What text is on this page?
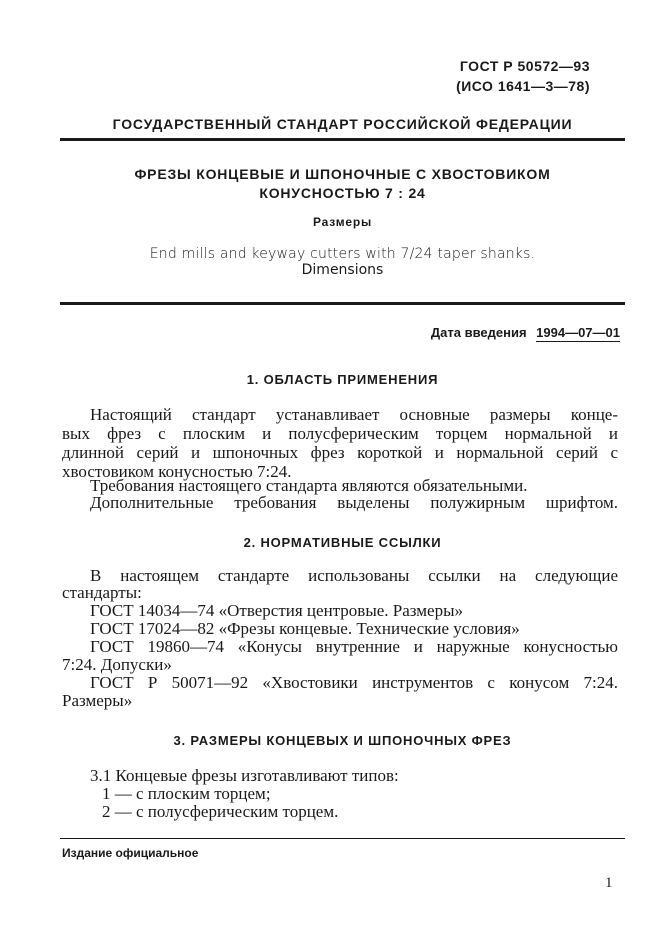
ГОСТ Р 50572—93
(ИСО 1641—3—78)
ГОСУДАРСТВЕННЫЙ СТАНДАРТ РОССИЙСКОЙ ФЕДЕРАЦИИ
ФРЕЗЫ КОНЦЕВЫЕ И ШПОНОЧНЫЕ С ХВОСТОВИКОМ
КОНУСНОСТЬЮ 7 : 24
Размеры
End mills and keyway cutters with 7/24 taper shanks.
Dimensions
Дата введения 1994—07—01
1. ОБЛАСТЬ ПРИМЕНЕНИЯ
Настоящий стандарт устанавливает основные размеры конце-
вых фрез с плоским и полусферическим торцем нормальной и
длинной серий и шпоночных фрез короткой и нормальной серий с
хвостовиком конусностью 7:24.
Требования настоящего стандарта являются обязательными.
Дополнительные требования выделены полужирным шрифтом.
2. НОРМАТИВНЫЕ ССЫЛКИ
В настоящем стандарте использованы ссылки на следующие
стандарты:
ГОСТ 14034—74 «Отверстия центровые. Размеры»
ГОСТ 17024—82 «Фрезы концевые. Технические условия»
ГОСТ 19860—74 «Конусы внутренние и наружные конусностью
7:24. Допуски»
ГОСТ Р 50071—92 «Хвостовики инструментов с конусом 7:24.
Размеры»
3. РАЗМЕРЫ КОНЦЕВЫХ И ШПОНОЧНЫХ ФРЕЗ
3.1 Концевые фрезы изготавливают типов:
1 — с плоским торцем;
2 — с полусферическим торцем.
Издание официальное
1
